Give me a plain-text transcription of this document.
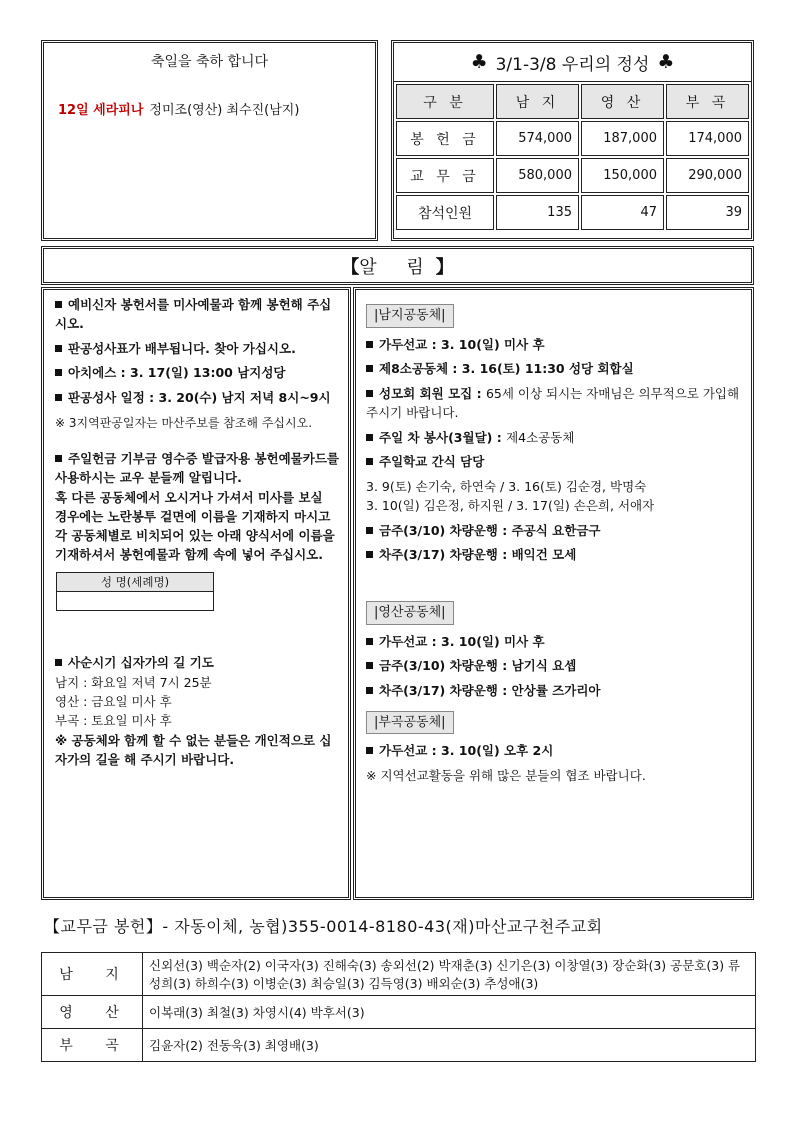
축일을 축하 합니다
12일 세라피나 정미조(영산) 최수진(남지)
♣ 3/1-3/8 우리의 정성 ♣
구 분	남 지	영 산	부 곡
봉 헌 금	574,000	187,000	174,000
교 무 금	580,000	150,000	290,000
참석인원	135	47	39
【 알 림 】

예비신자 봉헌서를 미사예물과 함께 봉헌해 주십시오.

판공성사표가 배부됩니다. 찾아 가십시오.

아치에스 : 3. 17(일) 13:00 남지성당

판공성사 일정 : 3. 20(수) 남지 저녁 8시~9시

※ 3지역판공일자는 마산주보를 참조해 주십시오.

주일헌금 기부금 영수증 발급자용 봉헌예물카드를 사용하시는 교우 분들께 알립니다.

혹 다른 공동체에서 오시거나 가셔서 미사를 보실 경우에는 노란봉투 겉면에 이름을 기재하지 마시고 각 공동체별로 비치되어 있는 아래 양식서에 이름을 기재하셔서 봉헌예물과 함께 속에 넣어 주십시오.

성 명(세례명)
사순시기 십자가의 길 기도
남지 : 화요일 저녁 7시 25분
영산 : 금요일 미사 후
부곡 : 토요일 미사 후
※ 공동체와 함께 할 수 없는 분들은 개인적으로 십자가의 길을 해 주시기 바랍니다.
|남지공동체|
가두선교 : 3. 10(일) 미사 후
제8소공동체 : 3. 16(토) 11:30 성당 회합실
성모회 회원 모집 : 65세 이상 되시는 자매님은 의무적으로 가입해 주시기 바랍니다.
주일 차 봉사(3월달) : 제4소공동체
주일학교 간식 담당
3. 9(토) 손기숙, 하연숙 / 3. 16(토) 김순경, 박명숙
3. 10(일) 김은정, 하지원 / 3. 17(일) 손은희, 서애자
금주(3/10) 차량운행 : 주공식 요한금구
차주(3/17) 차량운행 : 배익건 모세
|영산공동체|
가두선교 : 3. 10(일) 미사 후
금주(3/10) 차량운행 : 남기식 요셉
차주(3/17) 차량운행 : 안상률 즈가리아
|부곡공동체|
가두선교 : 3. 10(일) 오후 2시
※ 지역선교활동을 위해 많은 분들의 협조 바랍니다.
【교무금 봉헌】- 자동이체, 농협)355-0014-8180-43(재)마산교구천주교회
남 지	신외선(3) 백순자(2) 이국자(3) 진해숙(3) 송외선(2) 박재춘(3) 신기은(3) 이창열(3) 장순화(3) 공문호(3) 류성희(3) 하희수(3) 이병순(3) 최승일(3) 김득영(3) 배외순(3) 추성애(3)
영 산	이복래(3) 최철(3) 차영시(4) 박후서(3)
부 곡	김윤자(2) 전동욱(3) 최영배(3)
